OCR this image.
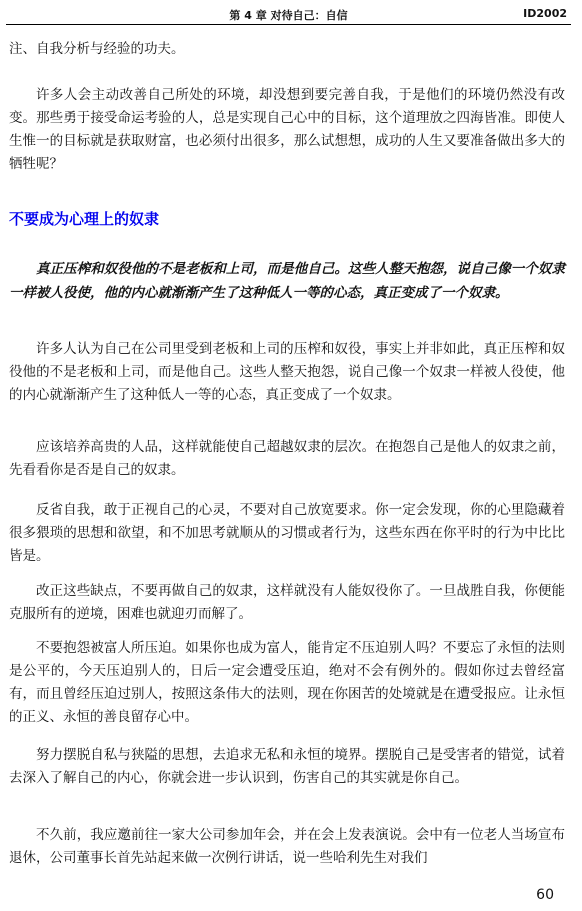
第 4 章 对待自己：自信	ID2002

注、自我分析与经验的功夫。

许多人会主动改善自己所处的环境，却没想到要完善自我，于是他们的环境仍然没有改变。那些勇于接受命运考验的人，总是实现自己心中的目标，这个道理放之四海皆准。即使人生惟一的目标就是获取财富，也必须付出很多，那么试想想，成功的人生又要准备做出多大的牺牲呢？

不要成为心理上的奴隶

真正压榨和奴役他的不是老板和上司，而是他自己。这些人整天抱怨，说自己像一个奴隶一样被人役使，他的内心就渐渐产生了这种低人一等的心态，真正变成了一个奴隶。

许多人认为自己在公司里受到老板和上司的压榨和奴役，事实上并非如此，真正压榨和奴役他的不是老板和上司，而是他自己。这些人整天抱怨，说自己像一个奴隶一样被人役使，他的内心就渐渐产生了这种低人一等的心态，真正变成了一个奴隶。

应该培养高贵的人品，这样就能使自己超越奴隶的层次。在抱怨自己是他人的奴隶之前，先看看你是否是自己的奴隶。

反省自我，敢于正视自己的心灵，不要对自己放宽要求。你一定会发现，你的心里隐藏着很多猥琐的思想和欲望，和不加思考就顺从的习惯或者行为，这些东西在你平时的行为中比比皆是。

改正这些缺点，不要再做自己的奴隶，这样就没有人能奴役你了。一旦战胜自我，你便能克服所有的逆境，困难也就迎刃而解了。

不要抱怨被富人所压迫。如果你也成为富人，能肯定不压迫别人吗？不要忘了永恒的法则是公平的，今天压迫别人的，日后一定会遭受压迫，绝对不会有例外的。假如你过去曾经富有，而且曾经压迫过别人，按照这条伟大的法则，现在你困苦的处境就是在遭受报应。让永恒的正义、永恒的善良留存心中。

努力摆脱自私与狭隘的思想，去追求无私和永恒的境界。摆脱自己是受害者的错觉，试着去深入了解自己的内心，你就会进一步认识到，伤害自己的其实就是你自己。

不久前，我应邀前往一家大公司参加年会，并在会上发表演说。会中有一位老人当场宣布退休，公司董事长首先站起来做一次例行讲话，说一些哈利先生对我们

60
